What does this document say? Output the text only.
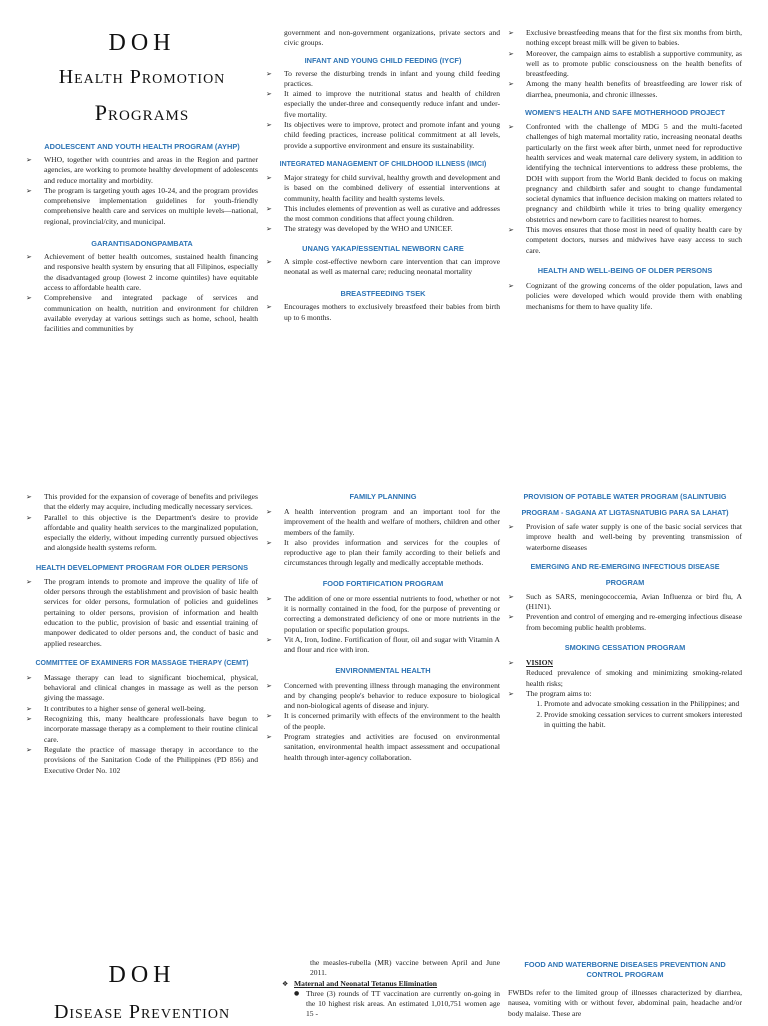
DOH
Health Promotion
Programs
ADOLESCENT AND YOUTH HEALTH PROGRAM (AYHP)
➢ WHO, together with countries and areas in the Region and partner agencies, are working to promote healthy development of adolescents and reduce mortality and morbidity.
➢ The program is targeting youth ages 10-24, and the program provides comprehensive implementation guidelines for youth-friendly comprehensive health care and services on multiple levels—national, regional, provincial/city, and municipal.
GARANTISADONGPAMBATA
➢ Achievement of better health outcomes, sustained health financing and responsive health system by ensuring that all Filipinos, especially the disadvantaged group (lowest 2 income quintiles) have equitable access to affordable health care.
➢ Comprehensive and integrated package of services and communication on health, nutrition and environment for children available everyday at various settings such as home, school, health facilities and communities by

government and non-government organizations, private sectors and civic groups.

INFANT AND YOUNG CHILD FEEDING (IYCF)
➢ To reverse the disturbing trends in infant and young child feeding practices.
➢ It aimed to improve the nutritional status and health of children especially the under-three and consequently reduce infant and under-five mortality.
➢ Its objectives were to improve, protect and promote infant and young child feeding practices, increase political commitment at all levels, provide a supportive environment and ensure its sustainability.
INTEGRATED MANAGEMENT OF CHILDHOOD ILLNESS (IMCI)
➢ Major strategy for child survival, healthy growth and development and is based on the combined delivery of essential interventions at community, health facility and health systems levels.
➢ This includes elements of prevention as well as curative and addresses the most common conditions that affect young children.
➢ The strategy was developed by the WHO and UNICEF.
UNANG YAKAP/ESSENTIAL NEWBORN CARE
➢ A simple cost-effective newborn care intervention that can improve neonatal as well as maternal care; reducing neonatal mortality
BREASTFEEDING TSEK
➢ Encourages mothers to exclusively breastfeed their babies from birth up to 6 months.
➢ Exclusive breastfeeding means that for the first six months from birth, nothing except breast milk will be given to babies.
➢ Moreover, the campaign aims to establish a supportive community, as well as to promote public consciousness on the health benefits of breastfeeding.
➢ Among the many health benefits of breastfeeding are lower risk of diarrhea, pneumonia, and chronic illnesses.
WOMEN'S HEALTH AND SAFE MOTHERHOOD PROJECT
➢ Confronted with the challenge of MDG 5 and the multi-faceted challenges of high maternal mortality ratio, increasing neonatal deaths particularly on the first week after birth, unmet need for reproductive health services and weak maternal care delivery system, in addition to identifying the technical interventions to address these problems, the DOH with support from the World Bank decided to focus on making pregnancy and childbirth safer and sought to change fundamental societal dynamics that influence decision making on matters related to pregnancy and childbirth while it tries to bring quality emergency obstetrics and newborn care to facilities nearest to homes.
➢ This moves ensures that those most in need of quality health care by competent doctors, nurses and midwives have easy access to such care.
HEALTH AND WELL-BEING OF OLDER PERSONS
➢ Cognizant of the growing concerns of the older population, laws and policies were developed which would provide them with enabling mechanisms for them to have quality life.
➢ This provided for the expansion of coverage of benefits and privileges that the elderly may acquire, including medically necessary services.
➢ Parallel to this objective is the Department's desire to provide affordable and quality health services to the marginalized population, especially the elderly, without impeding currently pursued objectives and alongside health systems reform.
HEALTH DEVELOPMENT PROGRAM FOR OLDER PERSONS
➢ The program intends to promote and improve the quality of life of older persons through the establishment and provision of basic health services for older persons, formulation of policies and guidelines pertaining to older persons, provision of information and health education to the public, provision of basic and essential training of manpower dedicated to older persons and, the conduct of basic and applied researches.
COMMITTEE OF EXAMINERS FOR MASSAGE THERAPY (CEMT)
➢ Massage therapy can lead to significant biochemical, physical, behavioral and clinical changes in massage as well as the person giving the massage.
➢ It contributes to a higher sense of general well-being.
➢ Recognizing this, many healthcare professionals have begun to incorporate massage therapy as a complement to their routine clinical care.
➢ Regulate the practice of massage therapy in accordance to the provisions of the Sanitation Code of the Philippines (PD 856) and Executive Order No. 102
FAMILY PLANNING
➢ A health intervention program and an important tool for the improvement of the health and welfare of mothers, children and other members of the family.
➢ It also provides information and services for the couples of reproductive age to plan their family according to their beliefs and circumstances through legally and medically acceptable methods.
FOOD FORTIFICATION PROGRAM
➢ The addition of one or more essential nutrients to food, whether or not it is normally contained in the food, for the purpose of preventing or correcting a demonstrated deficiency of one or more nutrients in the population or specific population groups.
➢ Vit A, Iron, Iodine. Fortification of flour, oil and sugar with Vitamin A and flour and rice with iron.
ENVIRONMENTAL HEALTH
➢ Concerned with preventing illness through managing the environment and by changing people's behavior to reduce exposure to biological and non-biological agents of disease and injury.
➢ It is concerned primarily with effects of the environment to the health of the people.
➢ Program strategies and activities are focused on environmental sanitation, environmental health impact assessment and occupational health through inter-agency collaboration.
PROVISION OF POTABLE WATER PROGRAM (SALINTUBIG
PROGRAM - SAGANA AT LIGTASNATUBIG PARA SA LAHAT)
➢ Provision of safe water supply is one of the basic social services that improve health and well-being by preventing transmission of waterborne diseases
EMERGING AND RE-EMERGING INFECTIOUS DISEASE
PROGRAM
➢ Such as SARS, meningococcemia, Avian Influenza or bird flu, A (H1N1).
➢ Prevention and control of emerging and re-emerging infectious disease from becoming public health problems.
SMOKING CESSATION PROGRAM
➢ VISION

Reduced prevalence of smoking and minimizing smoking-related health risks;

➢ The program aims to:
1. Promote and advocate smoking cessation in the Philippines; and
2. Provide smoking cessation services to current smokers interested in quitting the habit.
DOH
Disease Prevention

the measles-rubella (MR) vaccine between April and June 2011.

❖ Maternal and Neonatal Tetanus Elimination
● Three (3) rounds of TT vaccination are currently on-going in the 10 highest risk areas. An estimated 1,010,751 women age 15 -
FOOD AND WATERBORNE DISEASES PREVENTION AND CONTROL PROGRAM

FWBDs refer to the limited group of illnesses characterized by diarrhea, nausea, vomiting with or without fever, abdominal pain, headache and/or body malaise. These are
